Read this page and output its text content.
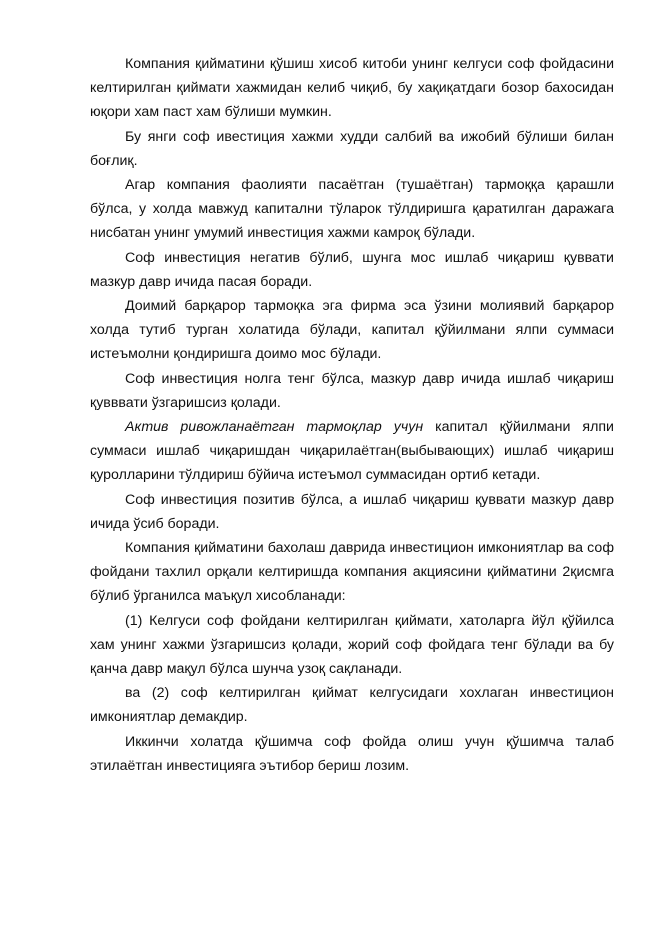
Компания қийматини қўшиш хисоб китоби унинг келгуси соф фойдасини келтирилган қиймати хажмидан келиб чиқиб, бу хақиқатдаги бозор бахосидан юқори хам паст хам бўлиши мумкин.

Бу янги соф ивестиция хажми худди салбий ва ижобий бўлиши билан боғлиқ.

Агар компания фаолияти пасаётган (тушаётган) тармоққа қарашли бўлса, у холда мавжуд капитални тўларок тўлдиришга қаратилган даражага нисбатан унинг умумий инвестиция хажми камроқ бўлади.

Соф инвестиция негатив бўлиб, шунга мос ишлаб чиқариш қуввати мазкур давр ичида пасая боради.

Доимий барқарор тармоқка эга фирма эса ўзини молиявий барқарор холда тутиб турган холатида бўлади, капитал қўйилмани ялпи суммаси истеъмолни қондиришга доимо мос бўлади.

Соф инвестиция нолга тенг бўлса, мазкур давр ичида ишлаб чиқариш қувввати ўзгаришсиз қолади.

Актив ривожланаётган тармоқлар учун капитал қўйилмани ялпи суммаси ишлаб чиқаришдан чиқарилаётган(выбывающих) ишлаб чиқариш қуролларини тўлдириш бўйича истеъмол суммасидан ортиб кетади.

Соф инвестиция позитив бўлса, а ишлаб чиқариш қуввати мазкур давр ичида ўсиб боради.

Компания қийматини бахолаш даврида инвестицион имкониятлар ва соф фойдани тахлил орқали келтиришда компания акциясини қийматини 2қисмга бўлиб ўрганилса маъқул хисобланади:

(1) Келгуси соф фойдани келтирилган қиймати, хатоларга йўл қўйилса хам унинг хажми ўзгаришсиз қолади, жорий соф фойдага тенг бўлади ва бу қанча давр мақул бўлса шунча узоқ сақланади.

ва (2) соф келтирилган қиймат келгусидаги хохлаган инвестицион имкониятлар демакдир.

Иккинчи холатда қўшимча соф фойда олиш учун қўшимча талаб этилаётган инвестицияга эътибор бериш лозим.
